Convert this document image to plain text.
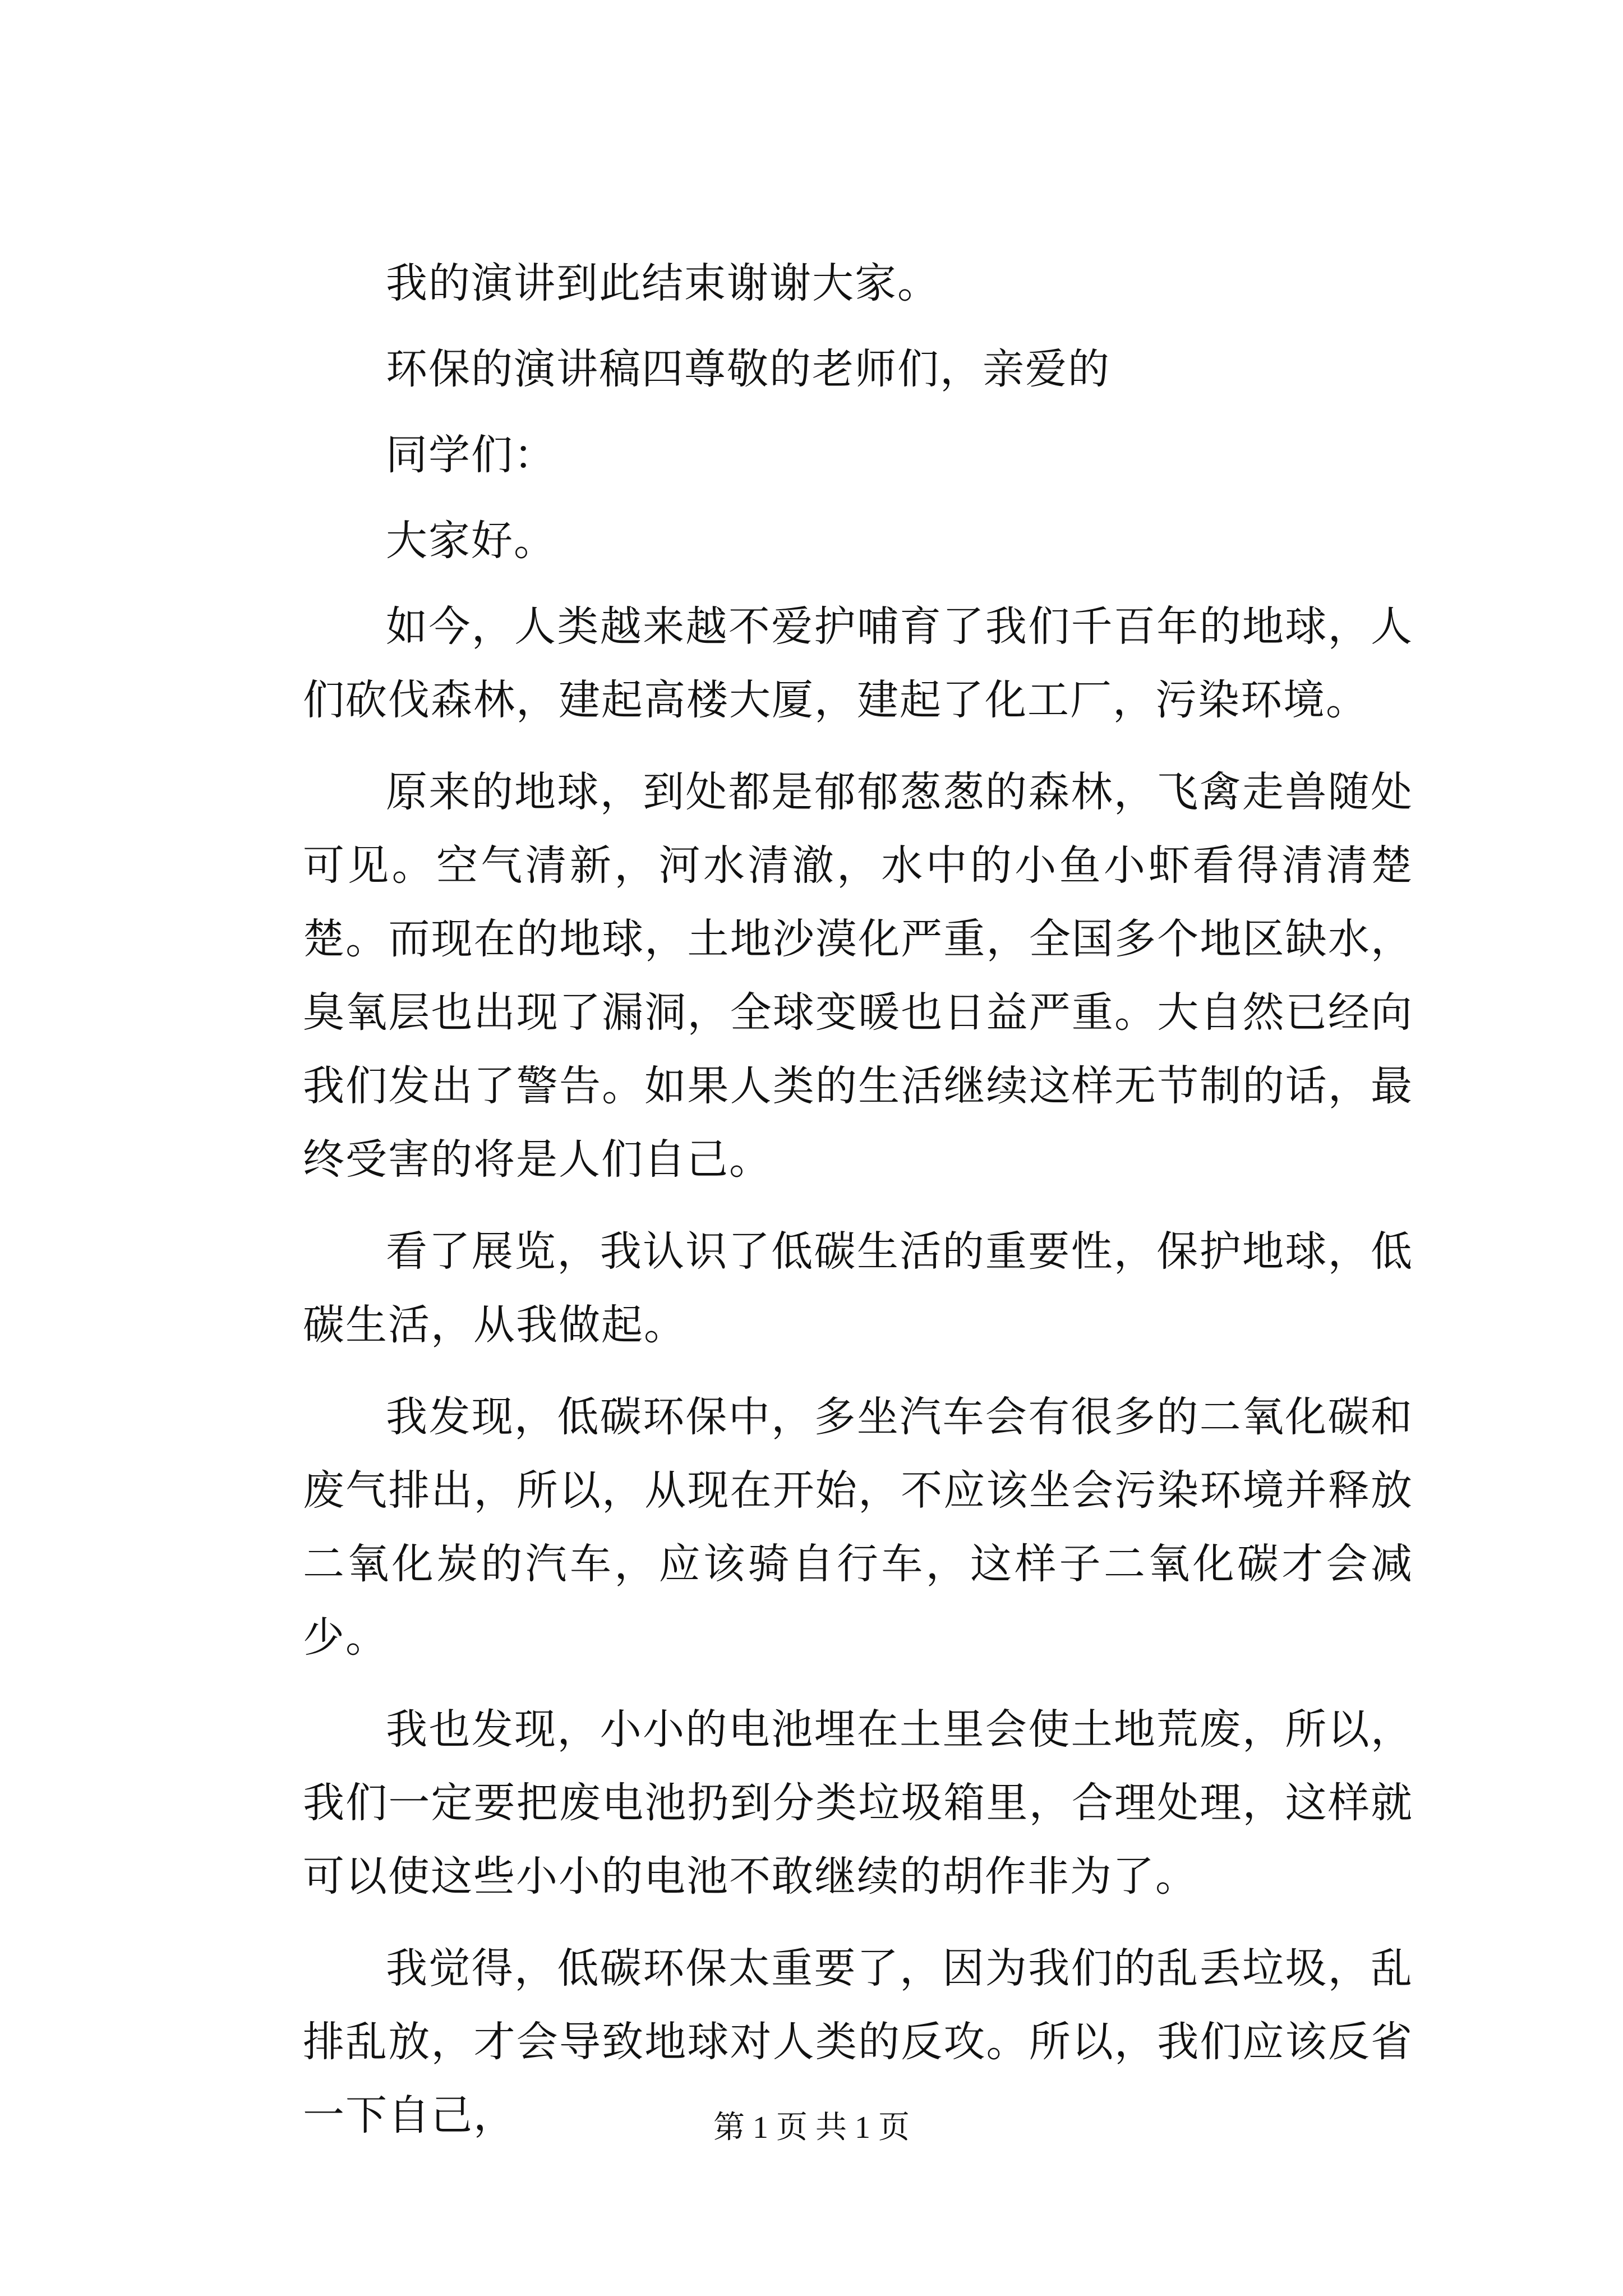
我的演讲到此结束谢谢大家。

环保的演讲稿四尊敬的老师们，亲爱的

同学们：

大家好。

如今，人类越来越不爱护哺育了我们千百年的地球，人们砍伐森林，建起高楼大厦，建起了化工厂，污染环境。

原来的地球，到处都是郁郁葱葱的森林，飞禽走兽随处可见。空气清新，河水清澈，水中的小鱼小虾看得清清楚楚。而现在的地球，土地沙漠化严重，全国多个地区缺水，臭氧层也出现了漏洞，全球变暖也日益严重。大自然已经向我们发出了警告。如果人类的生活继续这样无节制的话，最终受害的将是人们自己。

看了展览，我认识了低碳生活的重要性，保护地球，低碳生活，从我做起。

我发现，低碳环保中，多坐汽车会有很多的二氧化碳和废气排出，所以，从现在开始，不应该坐会污染环境并释放二氧化炭的汽车，应该骑自行车，这样子二氧化碳才会减少。

我也发现，小小的电池埋在土里会使土地荒废，所以，我们一定要把废电池扔到分类垃圾箱里，合理处理，这样就可以使这些小小的电池不敢继续的胡作非为了。

我觉得，低碳环保太重要了，因为我们的乱丢垃圾，乱排乱放，才会导致地球对人类的反攻。所以，我们应该反省一下自己，	第 1 页 共 1 页
